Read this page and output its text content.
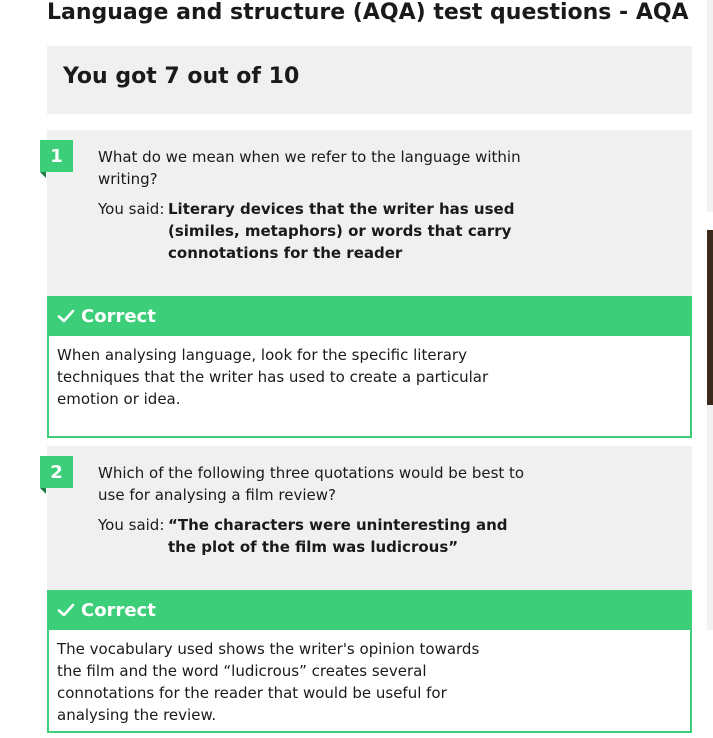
Language and structure (AQA) test questions - AQA

You got 7 out of 10

1	What do we mean when we refer to the language within writing?
You said: Literary devices that the writer has used (similes, metaphors) or words that carry connotations for the reader
Correct
When analysing language, look for the specific literary techniques that the writer has used to create a particular emotion or idea.
2	Which of the following three quotations would be best to use for analysing a film review?
You said: “The characters were uninteresting and the plot of the film was ludicrous”
Correct
The vocabulary used shows the writer's opinion towards the film and the word “ludicrous” creates several connotations for the reader that would be useful for analysing the review.
